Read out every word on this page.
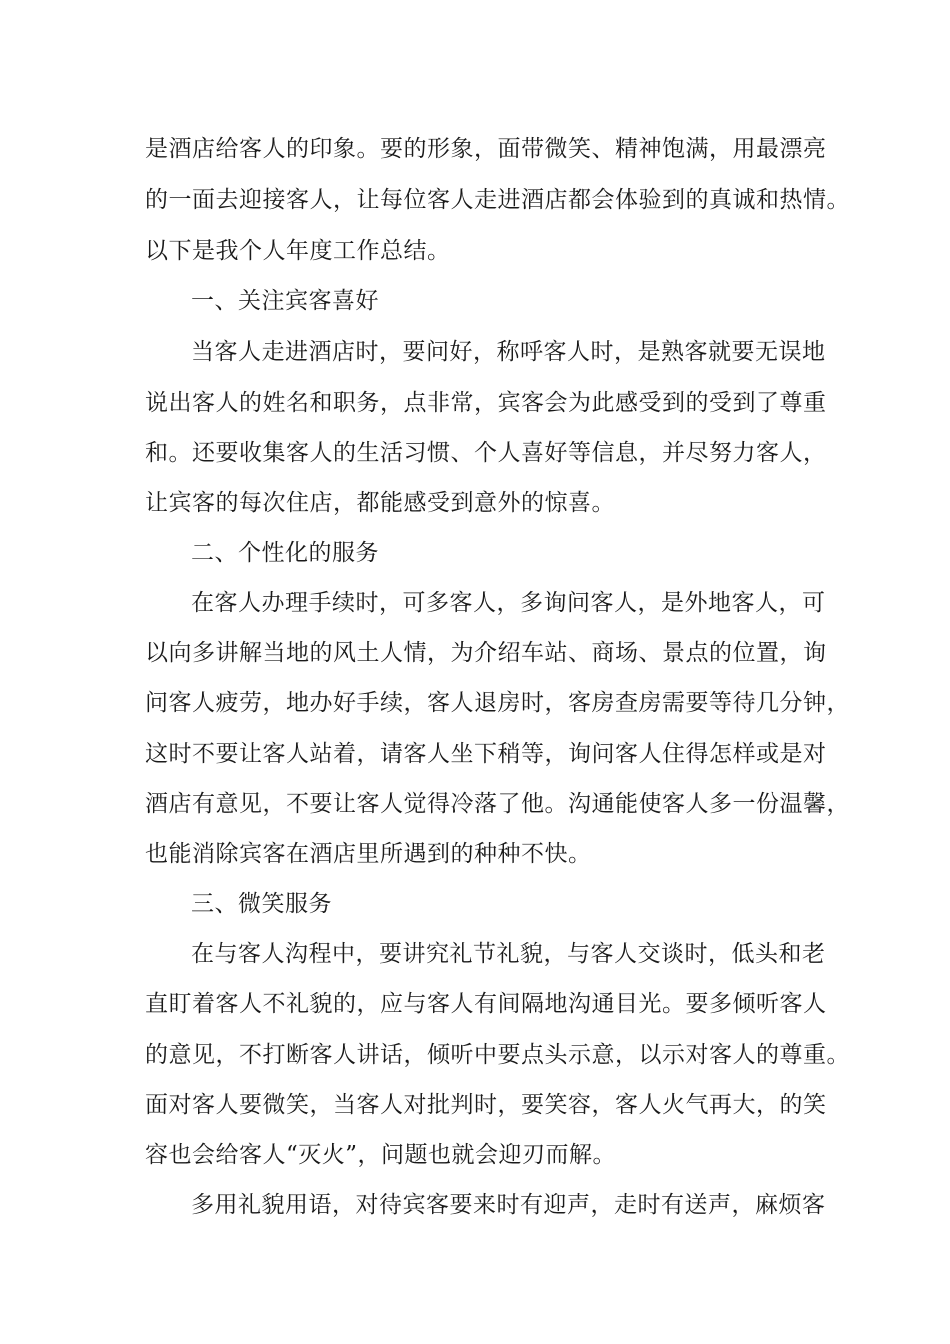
是酒店给客人的印象。要的形象，面带微笑、精神饱满，用最漂亮
的一面去迎接客人，让每位客人走进酒店都会体验到的真诚和热情。
以下是我个人年度工作总结。
一、关注宾客喜好
当客人走进酒店时，要问好，称呼客人时，是熟客就要无误地
说出客人的姓名和职务，点非常，宾客会为此感受到的受到了尊重
和。还要收集客人的生活习惯、个人喜好等信息，并尽努力客人，
让宾客的每次住店，都能感受到意外的惊喜。
二、个性化的服务
在客人办理手续时，可多客人，多询问客人，是外地客人，可
以向多讲解当地的风土人情，为介绍车站、商场、景点的位置，询
问客人疲劳，地办好手续，客人退房时，客房查房需要等待几分钟，
这时不要让客人站着，请客人坐下稍等，询问客人住得怎样或是对
酒店有意见，不要让客人觉得冷落了他。沟通能使客人多一份温馨，
也能消除宾客在酒店里所遇到的种种不快。
三、微笑服务
在与客人沟程中，要讲究礼节礼貌，与客人交谈时，低头和老
直盯着客人不礼貌的，应与客人有间隔地沟通目光。要多倾听客人
的意见，不打断客人讲话，倾听中要点头示意，以示对客人的尊重。
面对客人要微笑，当客人对批判时，要笑容，客人火气再大，的笑
容也会给客人“灭火”，问题也就会迎刃而解。
多用礼貌用语，对待宾客要来时有迎声，走时有送声，麻烦客
